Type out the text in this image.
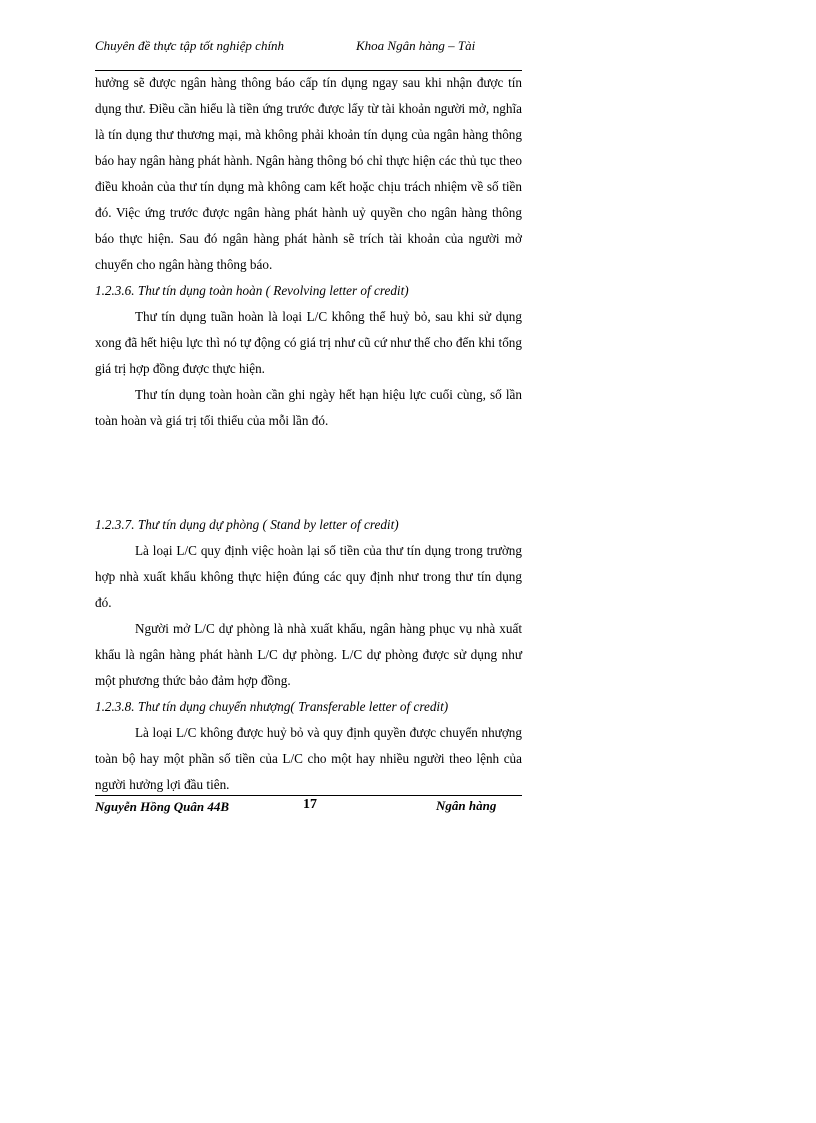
Chuyên đề thực tập tốt nghiệp chính	Khoa Ngân hàng – Tài

hưởng sẽ được ngân hàng thông báo cấp tín dụng ngay sau khi nhận được tín dụng thư. Điều cần hiểu là tiền ứng trước được lấy từ tài khoản người mở, nghĩa là tín dụng thư thương mại, mà không phải khoản tín dụng của ngân hàng thông báo hay ngân hàng phát hành. Ngân hàng thông bó chỉ thực hiện các thủ tục theo điều khoản của thư tín dụng mà không cam kết hoặc chịu trách nhiệm về số tiền đó. Việc ứng trước được ngân hàng phát hành uỷ quyền cho ngân hàng thông báo thực hiện. Sau đó ngân hàng phát hành sẽ trích tài khoản của người mở chuyển cho ngân hàng thông báo.

1.2.3.6. Thư tín dụng toàn hoàn ( Revolving letter of credit)

Thư tín dụng tuần hoàn là loại L/C không thể huỷ bỏ, sau khi sử dụng xong đã hết hiệu lực thì nó tự động có giá trị như cũ cứ như thế cho đến khi tổng giá trị hợp đồng được thực hiện.

Thư tín dụng toàn hoàn cần ghi ngày hết hạn hiệu lực cuối cùng, số lần toàn hoàn và giá trị tối thiểu của mỗi lần đó.

1.2.3.7. Thư tín dụng dự phòng ( Stand by letter of credit)

Là loại L/C quy định việc hoàn lại số tiền của thư tín dụng trong trường hợp nhà xuất khẩu không thực hiện đúng các quy định như trong thư tín dụng đó.

Người mở L/C dự phòng là nhà xuất khẩu, ngân hàng phục vụ nhà xuất khẩu là ngân hàng phát hành L/C dự phòng. L/C dự phòng được sử dụng như một phương thức bảo đảm hợp đồng.

1.2.3.8. Thư tín dụng chuyển nhượng( Transferable letter of credit)

Là loại L/C không được huỷ bỏ và quy định quyền được chuyển nhượng toàn bộ hay một phần số tiền của L/C cho một hay nhiều người theo lệnh của người hưởng lợi đầu tiên.

Nguyễn Hồng Quân 44B	17	Ngân hàng
